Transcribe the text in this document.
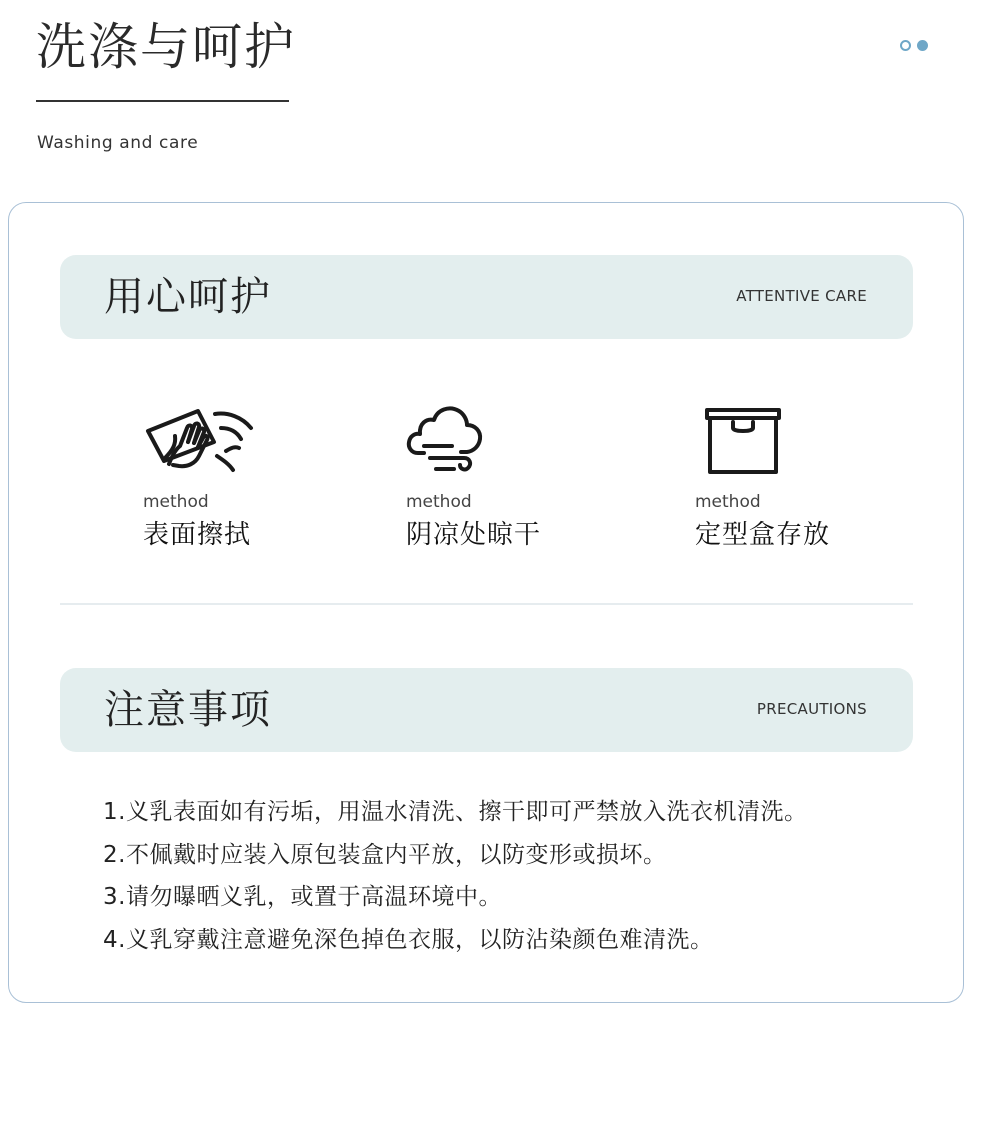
洗涤与呵护
Washing and care
用心呵护	ATTENTIVE CARE
method
表面擦拭
method
阴凉处晾干
method
定型盒存放
注意事项	PRECAUTIONS
1.义乳表面如有污垢，用温水清洗、擦干即可严禁放入洗衣机清洗。
2.不佩戴时应装入原包装盒内平放，以防变形或损坏。
3.请勿曝晒义乳，或置于高温环境中。
4.义乳穿戴注意避免深色掉色衣服，以防沾染颜色难清洗。
